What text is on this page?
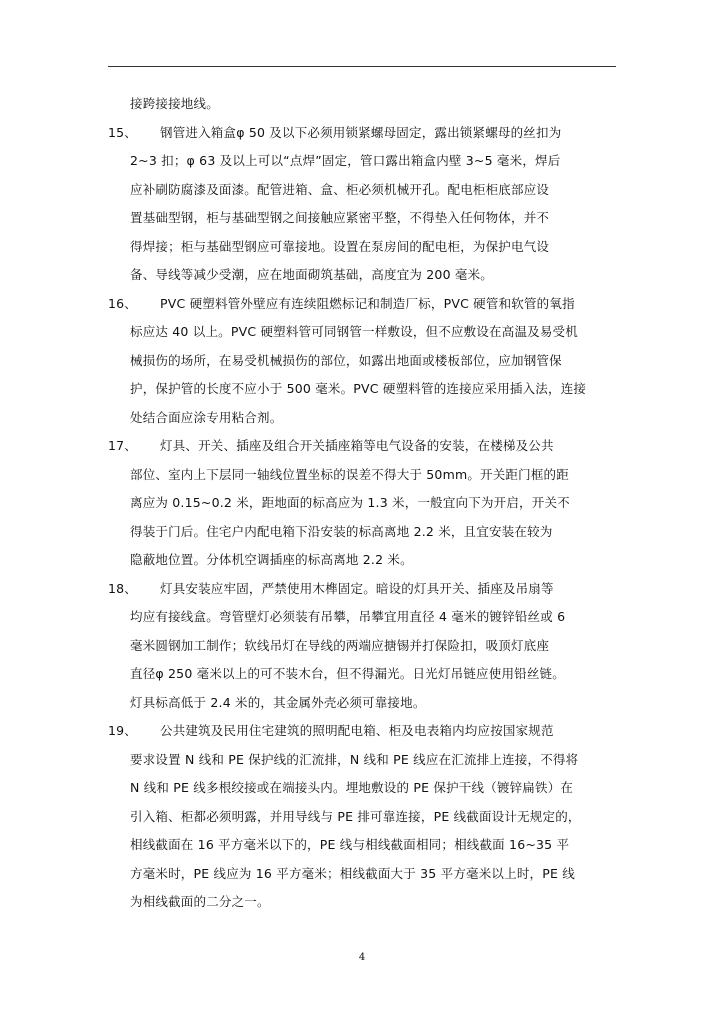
接跨接接地线。
15、 钢管进入箱盒φ 50 及以下必须用锁紧螺母固定，露出锁紧螺母的丝扣为
2~3 扣；φ 63 及以上可以“点焊”固定，管口露出箱盒内壁 3~5 毫米，焊后
应补刷防腐漆及面漆。配管进箱、盒、柜必须机械开孔。配电柜柜底部应设
置基础型钢，柜与基础型钢之间接触应紧密平整，不得垫入任何物体，并不
得焊接；柜与基础型钢应可靠接地。设置在泵房间的配电柜，为保护电气设
备、导线等减少受潮，应在地面砌筑基础，高度宜为 200 毫米。
16、 PVC 硬塑料管外壁应有连续阻燃标记和制造厂标，PVC 硬管和软管的氧指
标应达 40 以上。PVC 硬塑料管可同钢管一样敷设，但不应敷设在高温及易受机
械损伤的场所，在易受机械损伤的部位，如露出地面或楼板部位，应加钢管保
护，保护管的长度不应小于 500 毫米。PVC 硬塑料管的连接应采用插入法，连接
处结合面应涂专用粘合剂。
17、 灯具、开关、插座及组合开关插座箱等电气设备的安装，在楼梯及公共
部位、室内上下层同一轴线位置坐标的误差不得大于 50mm。开关距门框的距
离应为 0.15~0.2 米，距地面的标高应为 1.3 米，一般宜向下为开启，开关不
得装于门后。住宅户内配电箱下沿安装的标高离地 2.2 米，且宜安装在较为
隐蔽地位置。分体机空调插座的标高离地 2.2 米。
18、 灯具安装应牢固，严禁使用木榫固定。暗设的灯具开关、插座及吊扇等
均应有接线盒。弯管壁灯必须装有吊攀，吊攀宜用直径 4 毫米的镀锌铅丝或 6
毫米圆钢加工制作；软线吊灯在导线的两端应搪锡并打保险扣，吸顶灯底座
直径φ 250 毫米以上的可不装木台，但不得漏光。日光灯吊链应使用铅丝链。
灯具标高低于 2.4 米的，其金属外壳必须可靠接地。
19、 公共建筑及民用住宅建筑的照明配电箱、柜及电表箱内均应按国家规范
要求设置 N 线和 PE 保护线的汇流排，N 线和 PE 线应在汇流排上连接，不得将
N 线和 PE 线多根绞接或在端接头内。埋地敷设的 PE 保护干线（镀锌扁铁）在
引入箱、柜都必须明露，并用导线与 PE 排可靠连接，PE 线截面设计无规定的，
相线截面在 16 平方毫米以下的，PE 线与相线截面相同；相线截面 16~35 平
方毫米时，PE 线应为 16 平方毫米；相线截面大于 35 平方毫米以上时，PE 线
为相线截面的二分之一。
4
